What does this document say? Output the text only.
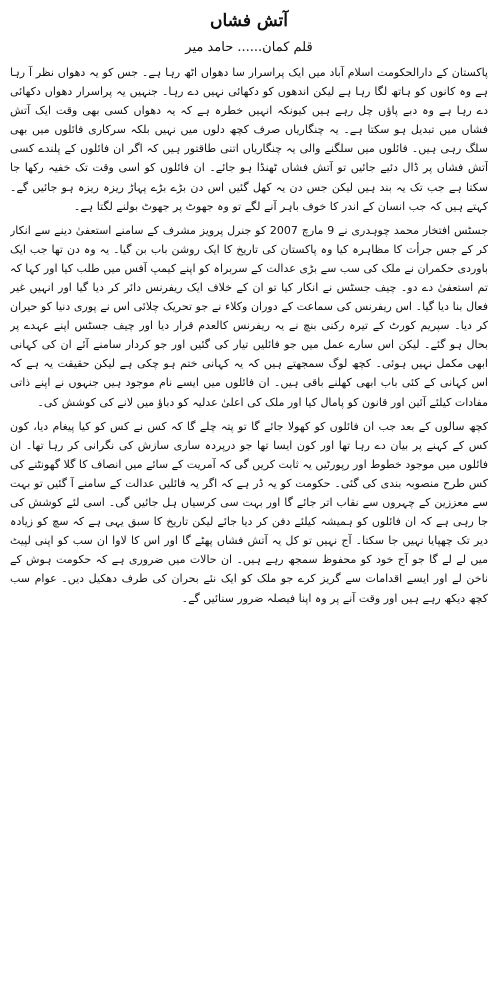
آتش فشاں
قلم کمان...... حامد میر

پاکستان کے دارالحکومت اسلام آباد میں ایک پراسرار سا دھواں اٹھ رہا ہے۔ جس کو یہ دھواں نظر آ رہا ہے وہ کانوں کو ہاتھ لگا رہا ہے لیکن اندھوں کو دکھائی نہیں دے رہا۔ جنہیں یہ پراسرار دھواں دکھائی دے رہا ہے وہ دبے پاؤں چل رہے ہیں کیونکہ انہیں خطرہ ہے کہ یہ دھواں کسی بھی وقت ایک آتش فشاں میں تبدیل ہو سکتا ہے۔ یہ چنگاریاں صرف کچھ دلوں میں نہیں بلکہ سرکاری فائلوں میں بھی سلگ رہی ہیں۔ فائلوں میں سلگنے والی یہ چنگاریاں اتنی طاقتور ہیں کہ اگر ان فائلوں کے پلندے کسی آتش فشاں پر ڈال دئیے جائیں تو آتش فشاں ٹھنڈا ہو جائے۔ ان فائلوں کو اسی وقت تک خفیہ رکھا جا سکتا ہے جب تک یہ بند ہیں لیکن جس دن یہ کھل گئیں اس دن بڑے بڑے پہاڑ ریزہ ریزہ ہو جائیں گے۔ کہتے ہیں کہ جب انسان کے اندر کا خوف باہر آنے لگے تو وہ جھوٹ پر جھوٹ بولنے لگتا ہے۔

جسٹس افتخار محمد چوہدری نے 9 مارچ 2007 کو جنرل پرویز مشرف کے سامنے استعفیٰ دینے سے انکار کر کے جس جرأت کا مظاہرہ کیا وہ پاکستان کی تاریخ کا ایک روشن باب بن گیا۔ یہ وہ دن تھا جب ایک باوردی حکمران نے ملک کی سب سے بڑی عدالت کے سربراہ کو اپنے کیمپ آفس میں طلب کیا اور کہا کہ تم استعفیٰ دے دو۔ چیف جسٹس نے انکار کیا تو ان کے خلاف ایک ریفرنس دائر کر دیا گیا اور انہیں غیر فعال بنا دیا گیا۔ اس ریفرنس کی سماعت کے دوران وکلاء نے جو تحریک چلائی اس نے پوری دنیا کو حیران کر دیا۔ سپریم کورٹ کے تیرہ رکنی بنچ نے یہ ریفرنس کالعدم قرار دیا اور چیف جسٹس اپنے عہدے پر بحال ہو گئے۔ لیکن اس سارے عمل میں جو فائلیں تیار کی گئیں اور جو کردار سامنے آئے ان کی کہانی ابھی مکمل نہیں ہوئی۔ کچھ لوگ سمجھتے ہیں کہ یہ کہانی ختم ہو چکی ہے لیکن حقیقت یہ ہے کہ اس کہانی کے کئی باب ابھی کھلنے باقی ہیں۔ ان فائلوں میں ایسے نام موجود ہیں جنہوں نے اپنے ذاتی مفادات کیلئے آئین اور قانون کو پامال کیا اور ملک کی اعلیٰ عدلیہ کو دباؤ میں لانے کی کوشش کی۔

کچھ سالوں کے بعد جب ان فائلوں کو کھولا جائے گا تو پتہ چلے گا کہ کس نے کس کو کیا پیغام دیا، کون کس کے کہنے پر بیان دے رہا تھا اور کون ایسا تھا جو درپردہ ساری سازش کی نگرانی کر رہا تھا۔ ان فائلوں میں موجود خطوط اور رپورٹیں یہ ثابت کریں گی کہ آمریت کے سائے میں انصاف کا گلا گھونٹنے کی کس طرح منصوبہ بندی کی گئی۔ حکومت کو یہ ڈر ہے کہ اگر یہ فائلیں عدالت کے سامنے آ گئیں تو بہت سے معززین کے چہروں سے نقاب اتر جائے گا اور بہت سی کرسیاں ہل جائیں گی۔ اسی لئے کوشش کی جا رہی ہے کہ ان فائلوں کو ہمیشہ کیلئے دفن کر دیا جائے لیکن تاریخ کا سبق یہی ہے کہ سچ کو زیادہ دیر تک چھپایا نہیں جا سکتا۔ آج نہیں تو کل یہ آتش فشاں پھٹے گا اور اس کا لاوا ان سب کو اپنی لپیٹ میں لے لے گا جو آج خود کو محفوظ سمجھ رہے ہیں۔ ان حالات میں ضروری ہے کہ حکومت ہوش کے ناخن لے اور ایسے اقدامات سے گریز کرے جو ملک کو ایک نئے بحران کی طرف دھکیل دیں۔ عوام سب کچھ دیکھ رہے ہیں اور وقت آنے پر وہ اپنا فیصلہ ضرور سنائیں گے۔
